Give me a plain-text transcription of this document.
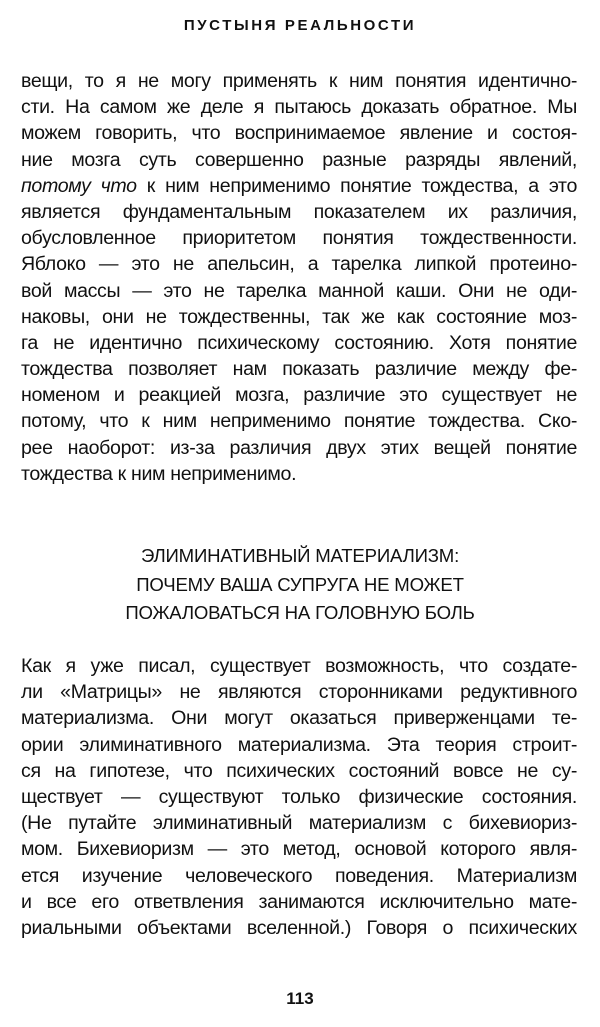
ПУСТЫНЯ РЕАЛЬНОСТИ
вещи, то я не могу применять к ним понятия идентично-
сти. На самом же деле я пытаюсь доказать обратное. Мы
можем говорить, что воспринимаемое явление и состоя-
ние мозга суть совершенно разные разряды явлений,
потому что к ним неприменимо понятие тождества, а это
является фундаментальным показателем их различия,
обусловленное приоритетом понятия тождественности.
Яблоко — это не апельсин, а тарелка липкой протеино-
вой массы — это не тарелка манной каши. Они не оди-
наковы, они не тождественны, так же как состояние моз-
га не идентично психическому состоянию. Хотя понятие
тождества позволяет нам показать различие между фе-
номеном и реакцией мозга, различие это существует не
потому, что к ним неприменимо понятие тождества. Ско-
рее наоборот: из-за различия двух этих вещей понятие
тождества к ним неприменимо.
ЭЛИМИНАТИВНЫЙ МАТЕРИАЛИЗМ:
ПОЧЕМУ ВАША СУПРУГА НЕ МОЖЕТ
ПОЖАЛОВАТЬСЯ НА ГОЛОВНУЮ БОЛЬ
Как я уже писал, существует возможность, что создате-
ли «Матрицы» не являются сторонниками редуктивного
материализма. Они могут оказаться приверженцами те-
ории элиминативного материализма. Эта теория строит-
ся на гипотезе, что психических состояний вовсе не су-
ществует — существуют только физические состояния.
(Не путайте элиминативный материализм с бихевиориз-
мом. Бихевиоризм — это метод, основой которого явля-
ется изучение человеческого поведения. Материализм
и все его ответвления занимаются исключительно мате-
риальными объектами вселенной.) Говоря о психических
113
